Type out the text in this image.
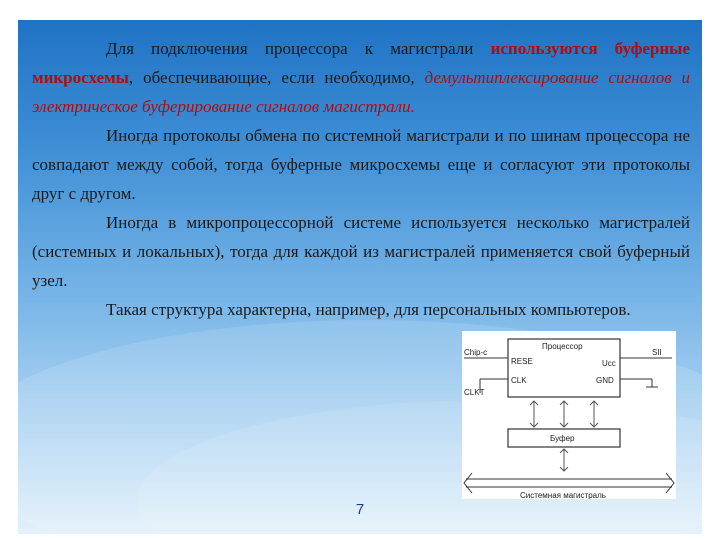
Для подключения процессора к магистрали используются буферные микросхемы, обеспечивающие, если необходимо, демультиплексирование сигналов и электрическое буферирование сигналов магистрали.

Иногда протоколы обмена по системной магистрали и по шинам процессора не совпадают между собой, тогда буферные микросхемы еще и согласуют эти протоколы друг с другом.

Иногда в микропроцессорной системе используется несколько магистралей (системных и локальных), тогда для каждой из магистралей применяется свой буферный узел.

Такая структура характерна, например, для персональных компьютеров.

Процессор
RESE
CLK
Ucc
GND
Chip-c
CLKT
SII
Буфер
Системная магистраль
7
